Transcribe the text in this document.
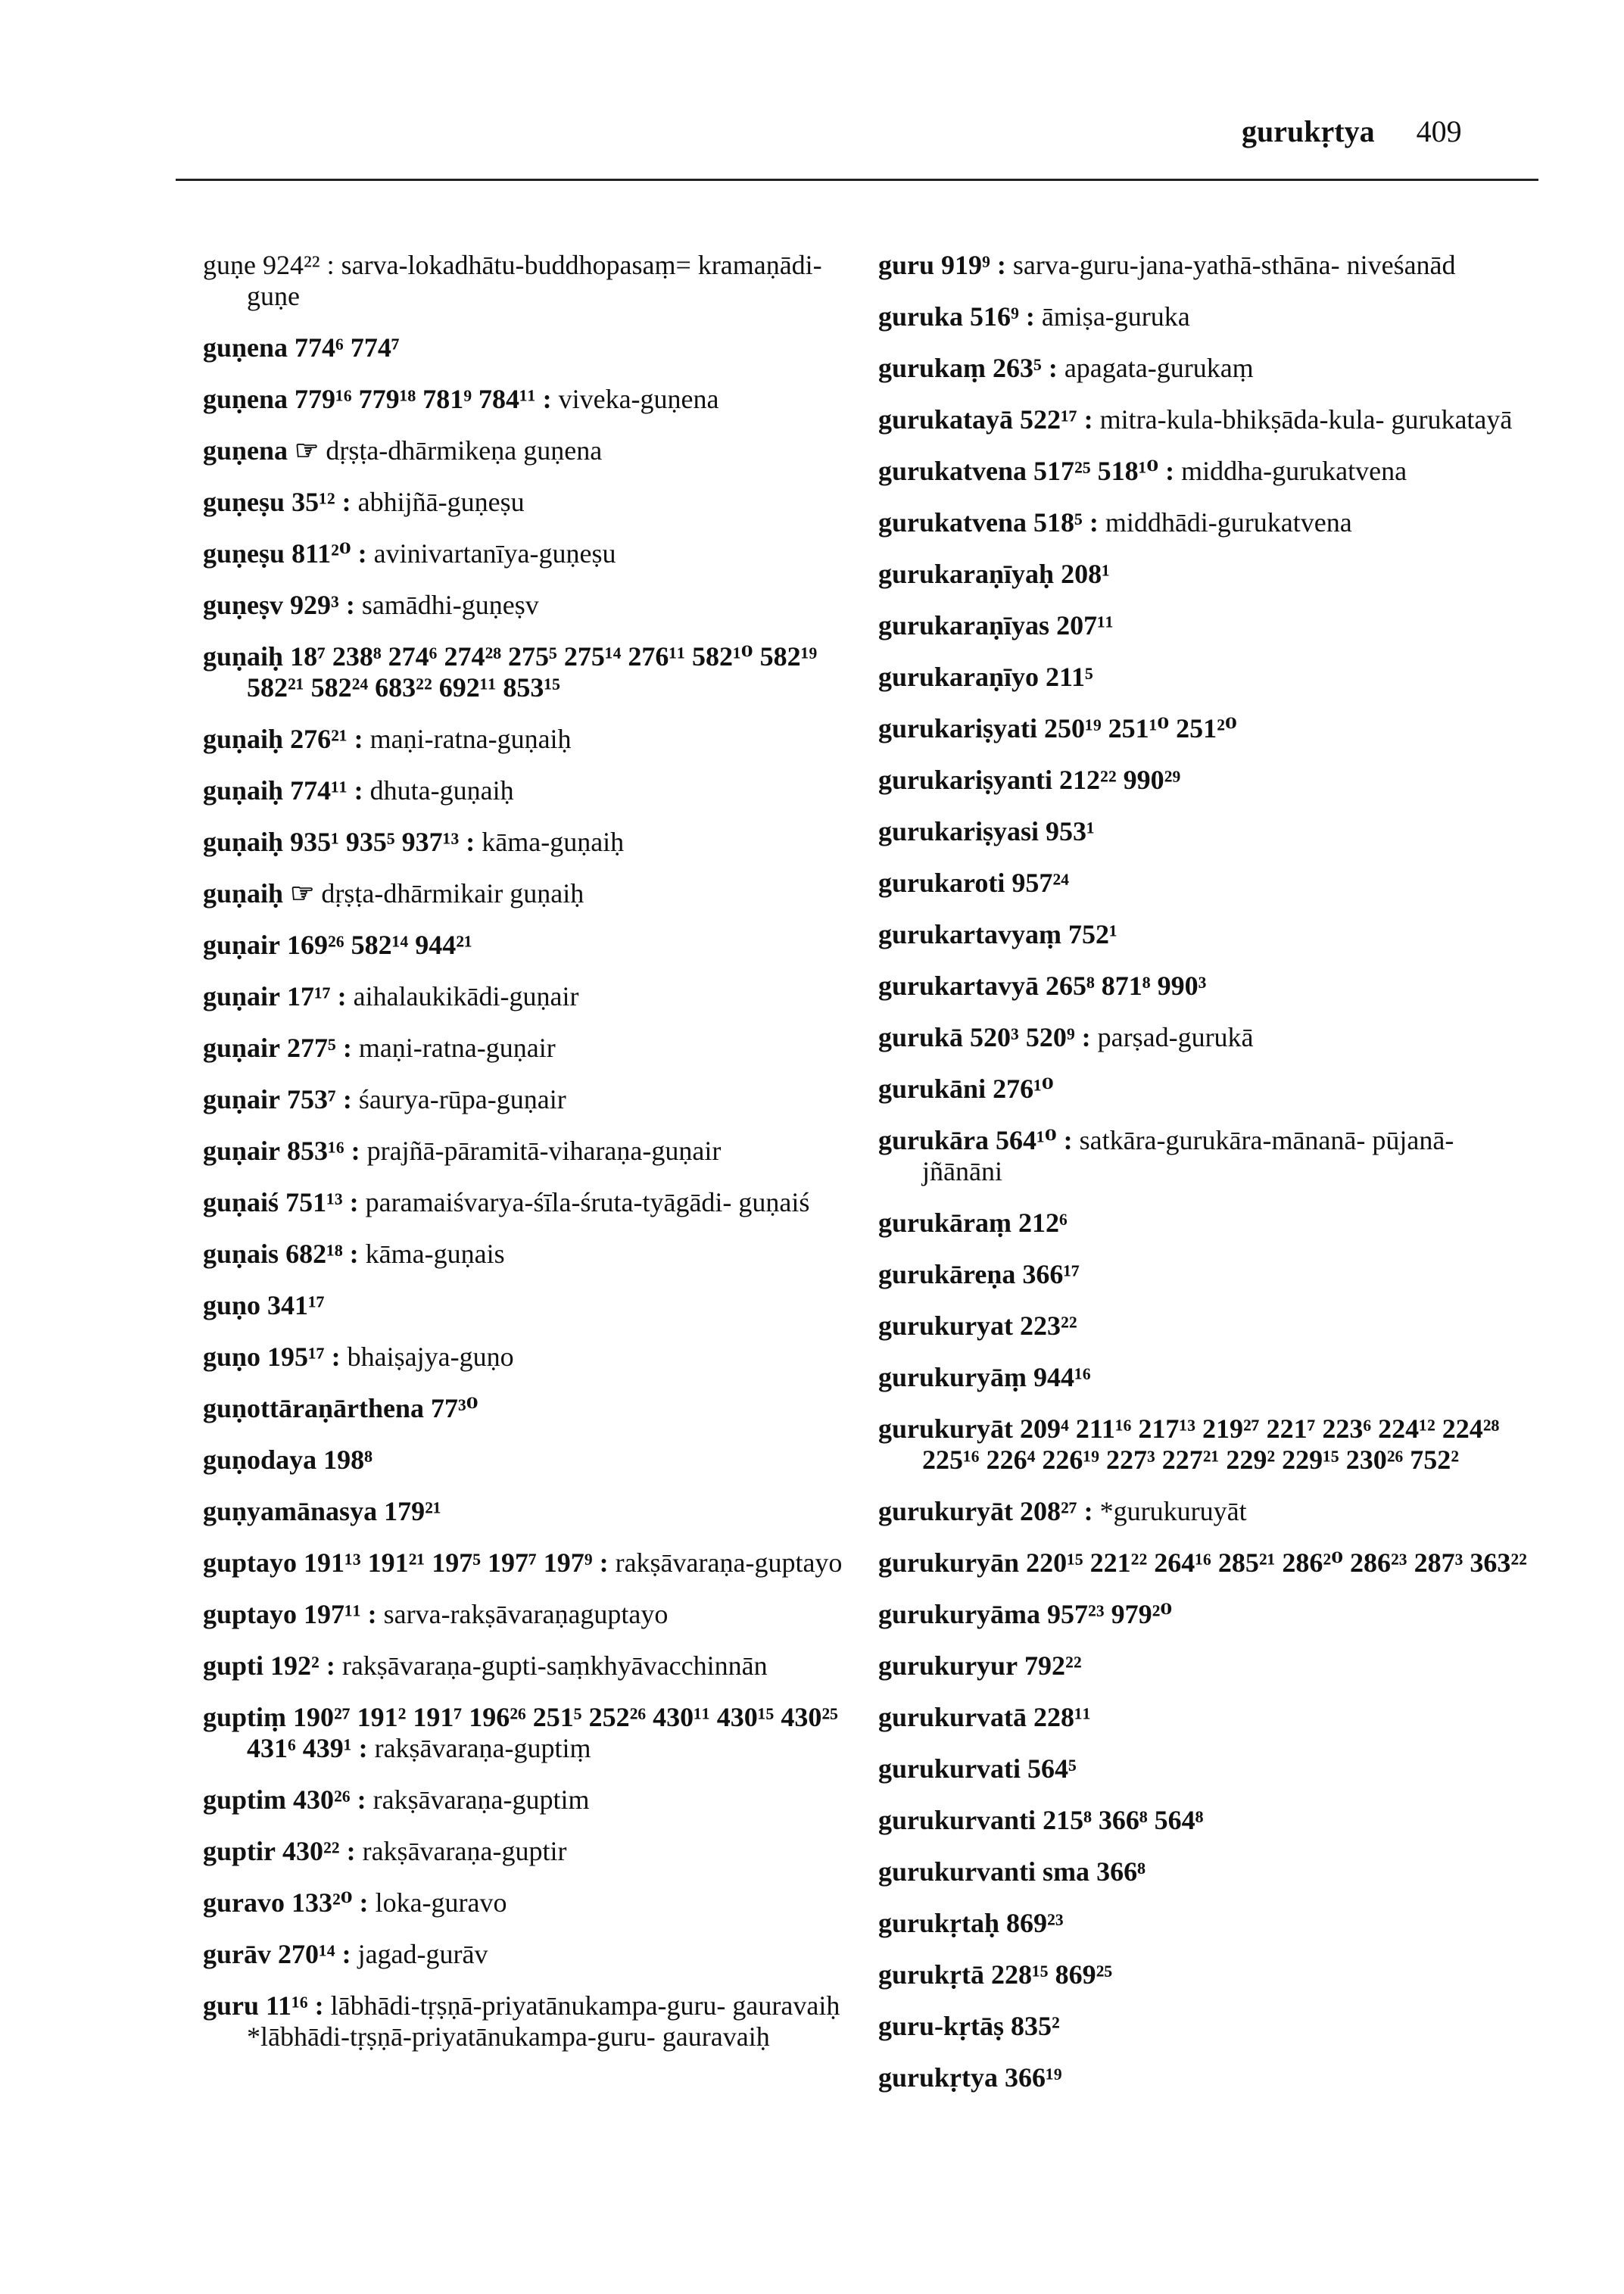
gurukṛtya 409
guṇe 924²² : sarva-lokadhātu-buddhopasaṃ= kramaṇādi-guṇe
guṇena 774⁶ 774⁷
guṇena 779¹⁶ 779¹⁸ 781⁹ 784¹¹ : viveka-guṇena
guṇena ☞ dṛṣṭa-dhārmikeṇa guṇena
guṇeṣu 35¹² : abhijñā-guṇeṣu
guṇeṣu 811²⁰ : avinivartanīya-guṇeṣu
guṇeṣv 929³ : samādhi-guṇeṣv
guṇaiḥ 18⁷ 238⁸ 274⁶ 274²⁸ 275⁵ 275¹⁴ 276¹¹ 582¹⁰ 582¹⁹ 582²¹ 582²⁴ 683²² 692¹¹ 853¹⁵
guṇaiḥ 276²¹ : maṇi-ratna-guṇaiḥ
guṇaiḥ 774¹¹ : dhuta-guṇaiḥ
guṇaiḥ 935¹ 935⁵ 937¹³ : kāma-guṇaiḥ
guṇaiḥ ☞ dṛṣṭa-dhārmikair guṇaiḥ
guṇair 169²⁶ 582¹⁴ 944²¹
guṇair 17¹⁷ : aihalaukikādi-guṇair
guṇair 277⁵ : maṇi-ratna-guṇair
guṇair 753⁷ : śaurya-rūpa-guṇair
guṇair 853¹⁶ : prajñā-pāramitā-viharaṇa-guṇair
guṇaiś 751¹³ : paramaiśvarya-śīla-śruta-tyāgādi- guṇaiś
guṇais 682¹⁸ : kāma-guṇais
guṇo 341¹⁷
guṇo 195¹⁷ : bhaiṣajya-guṇo
guṇottāraṇārthena 77³⁰
guṇodaya 198⁸
guṇyamānasya 179²¹
guptayo 191¹³ 191²¹ 197⁵ 197⁷ 197⁹ : rakṣāvaraṇa-guptayo
guptayo 197¹¹ : sarva-rakṣāvaraṇaguptayo
gupti 192² : rakṣāvaraṇa-gupti-saṃkhyāvacchinnān
guptiṃ 190²⁷ 191² 191⁷ 196²⁶ 251⁵ 252²⁶ 430¹¹ 430¹⁵ 430²⁵ 431⁶ 439¹ : rakṣāvaraṇa-guptiṃ
guptim 430²⁶ : rakṣāvaraṇa-guptim
guptir 430²² : rakṣāvaraṇa-guptir
guravo 133²⁰ : loka-guravo
gurāv 270¹⁴ : jagad-gurāv
guru 11¹⁶ : lābhādi-tṛṣṇā-priyatānukampa-guru- gauravaiḥ *lābhādi-tṛṣṇā-priyatānukampa-guru- gauravaiḥ
guru 919⁹ : sarva-guru-jana-yathā-sthāna- niveśanād
guruka 516⁹ : āmiṣa-guruka
gurukaṃ 263⁵ : apagata-gurukaṃ
gurukatayā 522¹⁷ : mitra-kula-bhikṣāda-kula- gurukatayā
gurukatvena 517²⁵ 518¹⁰ : middha-gurukatvena
gurukatvena 518⁵ : middhādi-gurukatvena
gurukaraṇīyaḥ 208¹
gurukaraṇīyas 207¹¹
gurukaraṇīyo 211⁵
gurukariṣyati 250¹⁹ 251¹⁰ 251²⁰
gurukariṣyanti 212²² 990²⁹
gurukariṣyasi 953¹
gurukaroti 957²⁴
gurukartavyaṃ 752¹
gurukartavyā 265⁸ 871⁸ 990³
gurukā 520³ 520⁹ : parṣad-gurukā
gurukāni 276¹⁰
gurukāra 564¹⁰ : satkāra-gurukāra-mānanā- pūjanā-jñānāni
gurukāraṃ 212⁶
gurukāreṇa 366¹⁷
gurukuryat 223²²
gurukuryāṃ 944¹⁶
gurukuryāt 209⁴ 211¹⁶ 217¹³ 219²⁷ 221⁷ 223⁶ 224¹² 224²⁸ 225¹⁶ 226⁴ 226¹⁹ 227³ 227²¹ 229² 229¹⁵ 230²⁶ 752²
gurukuryāt 208²⁷ : *gurukuruyāt
gurukuryān 220¹⁵ 221²² 264¹⁶ 285²¹ 286²⁰ 286²³ 287³ 363²²
gurukuryāma 957²³ 979²⁰
gurukuryur 792²²
gurukurvatā 228¹¹
gurukurvati 564⁵
gurukurvanti 215⁸ 366⁸ 564⁸
gurukurvanti sma 366⁸
gurukṛtaḥ 869²³
gurukṛtā 228¹⁵ 869²⁵
guru-kṛtāṣ 835²
gurukṛtya 366¹⁹
